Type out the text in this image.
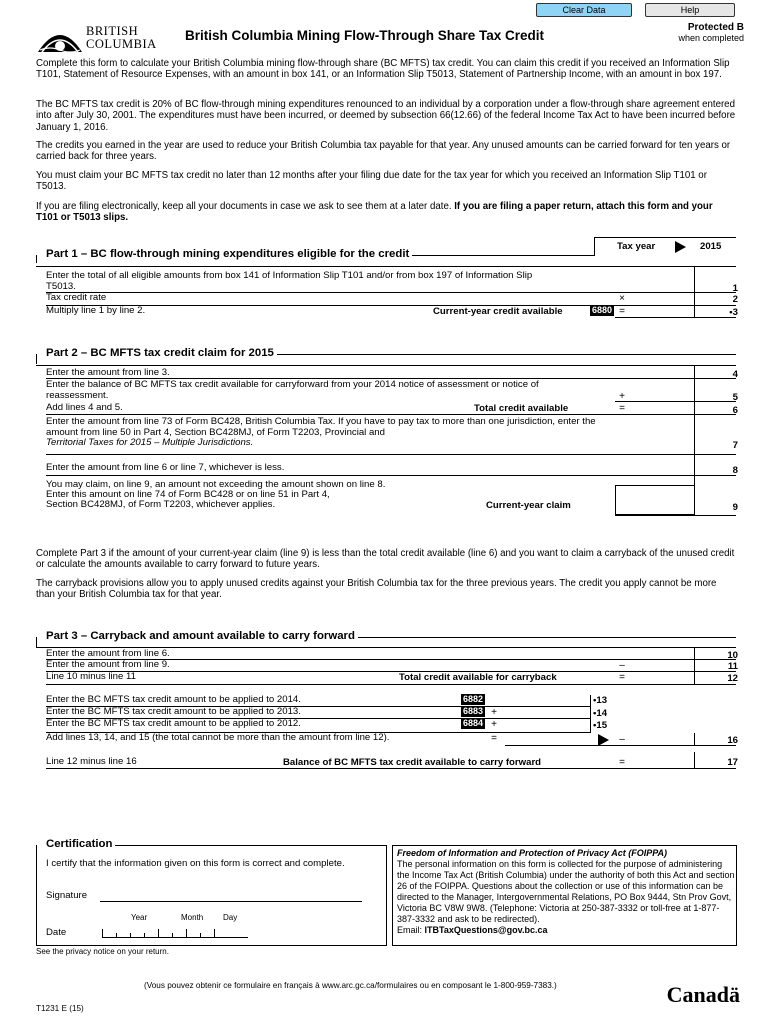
Clear Data	Help
BRITISH
COLUMBIA
British Columbia Mining Flow-Through Share Tax Credit
Protected B
when completed

Complete this form to calculate your British Columbia mining flow-through share (BC MFTS) tax credit. You can claim this credit if you received an Information Slip T101, Statement of Resource Expenses, with an amount in box 141, or an Information Slip T5013, Statement of Partnership Income, with an amount in box 197.

The BC MFTS tax credit is 20% of BC flow-through mining expenditures renounced to an individual by a corporation under a flow-through share agreement entered into after July 30, 2001. The expenditures must have been incurred, or deemed by subsection 66(12.66) of the federal Income Tax Act to have been incurred before January 1, 2016.

The credits you earned in the year are used to reduce your British Columbia tax payable for that year. Any unused amounts can be carried forward for ten years or carried back for three years.

You must claim your BC MFTS tax credit no later than 12 months after your filing due date for the tax year for which you received an Information Slip T101 or T5013.

If you are filing electronically, keep all your documents in case we ask to see them at a later date. If you are filing a paper return, attach this form and your T101 or T5013 slips.

Part 1 – BC flow-through mining expenditures eligible for the credit
Tax year	2015
Enter the total of all eligible amounts from box 141 of Information Slip T101 and/or from box 197 of Information Slip T5013.	1
Tax credit rate	×	2
Multiply line 1 by line 2.	Current-year credit available	6880 =	•3
Part 2 – BC MFTS tax credit claim for 2015
Enter the amount from line 3.	4
Enter the balance of BC MFTS tax credit available for carryforward from your 2014 notice of assessment or notice of reassessment.	+	5
Add lines 4 and 5.	Total credit available	=	6
Enter the amount from line 73 of Form BC428, British Columbia Tax. If you have to pay tax to more than one jurisdiction, enter the amount from line 50 in Part 4, Section BC428MJ, of Form T2203, Provincial and
Territorial Taxes for 2015 – Multiple Jurisdictions.	7
Enter the amount from line 6 or line 7, whichever is less.	8
You may claim, on line 9, an amount not exceeding the amount shown on line 8.
Enter this amount on line 74 of Form BC428 or on line 51 in Part 4,
Section BC428MJ, of Form T2203, whichever applies.	Current-year claim	9

Complete Part 3 if the amount of your current-year claim (line 9) is less than the total credit available (line 6) and you want to claim a carryback of the unused credit or calculate the amounts available to carry forward to future years.

The carryback provisions allow you to apply unused credits against your British Columbia tax for the three previous years. The credit you apply cannot be more than your British Columbia tax for that year.

Part 3 – Carryback and amount available to carry forward
Enter the amount from line 6.	10
Enter the amount from line 9.	–	11
Line 10 minus line 11	Total credit available for carryback	=	12
Enter the BC MFTS tax credit amount to be applied to 2014.	6882	•13
Enter the BC MFTS tax credit amount to be applied to 2013.	6883 +	•14
Enter the BC MFTS tax credit amount to be applied to 2012.	6884 +	•15
Add lines 13, 14, and 15 (the total cannot be more than the amount from line 12).	=	–	16
Line 12 minus line 16	Balance of BC MFTS tax credit available to carry forward	=	17
Certification
I certify that the information given on this form is correct and complete.
Signature
Year	Month Day
Date
See the privacy notice on your return.
Freedom of Information and Protection of Privacy Act (FOIPPA)
The personal information on this form is collected for the purpose of administering the Income Tax Act (British Columbia) under the authority of both this Act and section 26 of the FOIPPA. Questions about the collection or use of this information can be directed to the Manager, Intergovernmental Relations, PO Box 9444, Stn Prov Govt, Victoria BC V8W 9W8. (Telephone: Victoria at 250-387-3332 or toll-free at 1-877-387-3332 and ask to be redirected).
Email: ITBTaxQuestions@gov.bc.ca
(Vous pouvez obtenir ce formulaire en français à www.arc.gc.ca/formulaires ou en composant le 1-800-959-7383.)
T1231 E (15)
Canadä
